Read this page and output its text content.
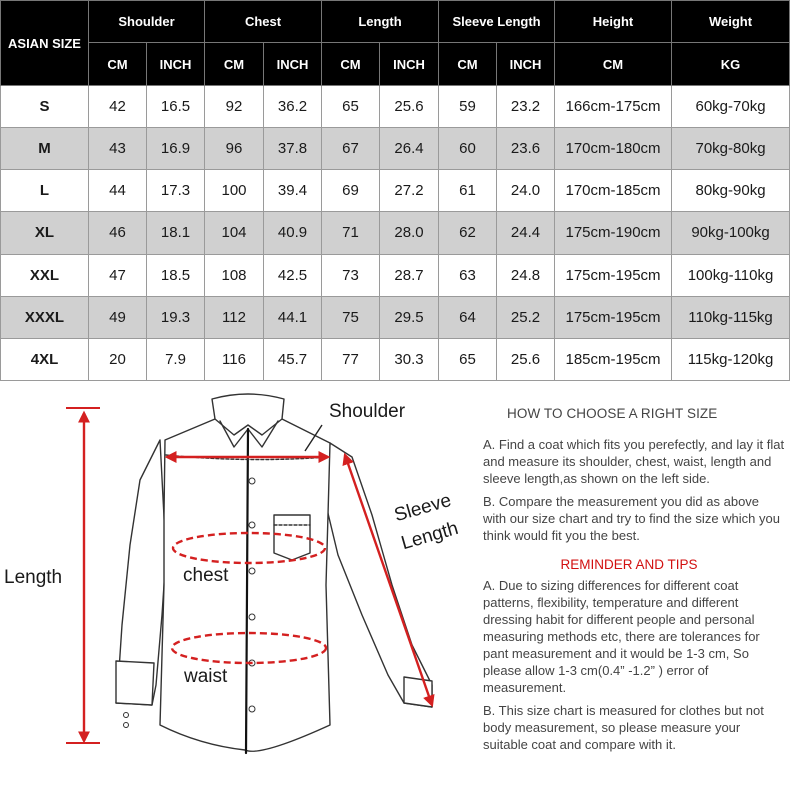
ASIAN SIZE	Shoulder		Chest		Length		Sleeve Length		Height	Weight
	CM	INCH	CM	INCH	CM	INCH	CM	INCH	CM	KG
S	42	16.5	92	36.2	65	25.6	59	23.2	166cm-175cm	60kg-70kg
M	43	16.9	96	37.8	67	26.4	60	23.6	170cm-180cm	70kg-80kg
L	44	17.3	100	39.4	69	27.2	61	24.0	170cm-185cm	80kg-90kg
XL	46	18.1	104	40.9	71	28.0	62	24.4	175cm-190cm	90kg-100kg
XXL	47	18.5	108	42.5	73	28.7	63	24.8	175cm-195cm	100kg-110kg
XXXL	49	19.3	112	44.1	75	29.5	64	25.2	175cm-195cm	110kg-115kg
4XL	20	7.9	116	45.7	77	30.3	65	25.6	185cm-195cm	115kg-120kg
Shoulder
Sleeve
Length
Length	chest
waist
HOW TO CHOOSE A RIGHT SIZE

A. Find a coat which fits you perefectly, and lay it flat and measure its shoulder, chest, waist, length and sleeve length,as shown on the left side.

B. Compare the measurement you did as above with our size chart and try to find the size which you think would fit you the best.

REMINDER AND TIPS

A. Due to sizing differences for different coat patterns, flexibility, temperature and different dressing habit for different people and personal measuring methods etc, there are tolerances for pant measurement and it would be 1-3 cm, So please allow 1-3 cm(0.4” -1.2” ) error of measurement.

B. This size chart is measured for clothes but not body measurement, so please measure your suitable coat and compare with it.
